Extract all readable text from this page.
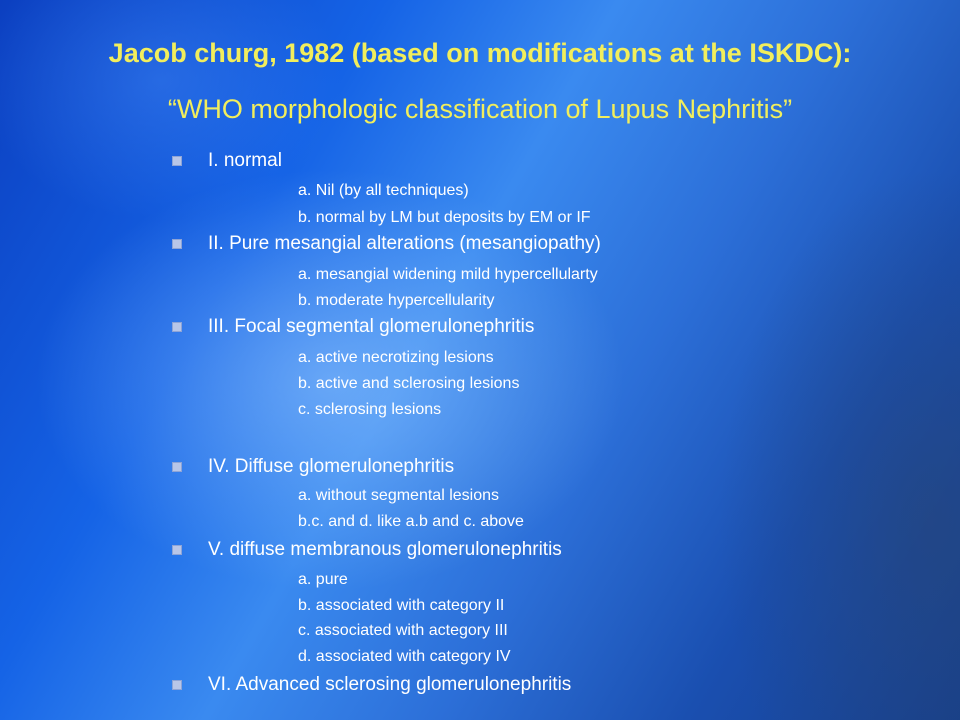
Jacob churg, 1982 (based on modifications at the ISKDC):
“WHO morphologic classification of Lupus Nephritis”

I. normal

a. Nil (by all techniques)

b. normal by LM but deposits by EM or IF

II. Pure mesangial alterations (mesangiopathy)

a. mesangial widening mild hypercellularty

b. moderate hypercellularity

III. Focal segmental glomerulonephritis

a. active necrotizing lesions

b. active and sclerosing lesions

c. sclerosing lesions

IV. Diffuse glomerulonephritis

a. without segmental lesions

b.c. and d. like a.b and c. above

V. diffuse membranous glomerulonephritis

a. pure

b. associated with category II

c. associated with actegory III

d. associated with category IV

VI. Advanced sclerosing glomerulonephritis
